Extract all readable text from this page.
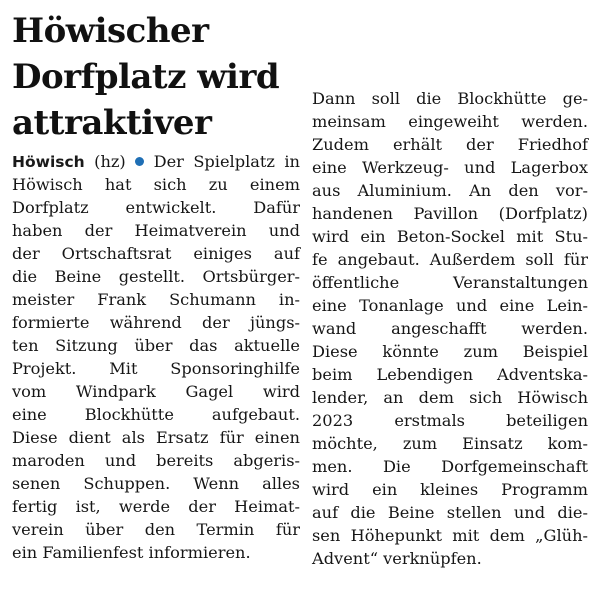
Höwischer
Dorfplatz wird
attraktiver

Höwisch (hz) Der Spielplatz in
Höwisch hat sich zu einem
Dorfplatz entwickelt. Dafür
haben der Heimatverein und
der Ortschaftsrat einiges auf
die Beine gestellt. Ortsbürger-
meister Frank Schumann in-
formierte während der jüngs-
ten Sitzung über das aktuelle
Projekt. Mit Sponsoringhilfe
vom Windpark Gagel wird
eine Blockhütte aufgebaut.
Diese dient als Ersatz für einen
maroden und bereits abgeris-
senen Schuppen. Wenn alles
fertig ist, werde der Heimat-
verein über den Termin für
ein Familienfest informieren.

Dann soll die Blockhütte ge-
meinsam eingeweiht werden.
Zudem erhält der Friedhof
eine Werkzeug- und Lagerbox
aus Aluminium. An den vor-
handenen Pavillon (Dorfplatz)
wird ein Beton-Sockel mit Stu-
fe angebaut. Außerdem soll für
öffentliche Veranstaltungen
eine Tonanlage und eine Lein-
wand angeschafft werden.
Diese könnte zum Beispiel
beim Lebendigen Adventska-
lender, an dem sich Höwisch
2023 erstmals beteiligen
möchte, zum Einsatz kom-
men. Die Dorfgemeinschaft
wird ein kleines Programm
auf die Beine stellen und die-
sen Höhepunkt mit dem „Glüh-
Advent“ verknüpfen.
